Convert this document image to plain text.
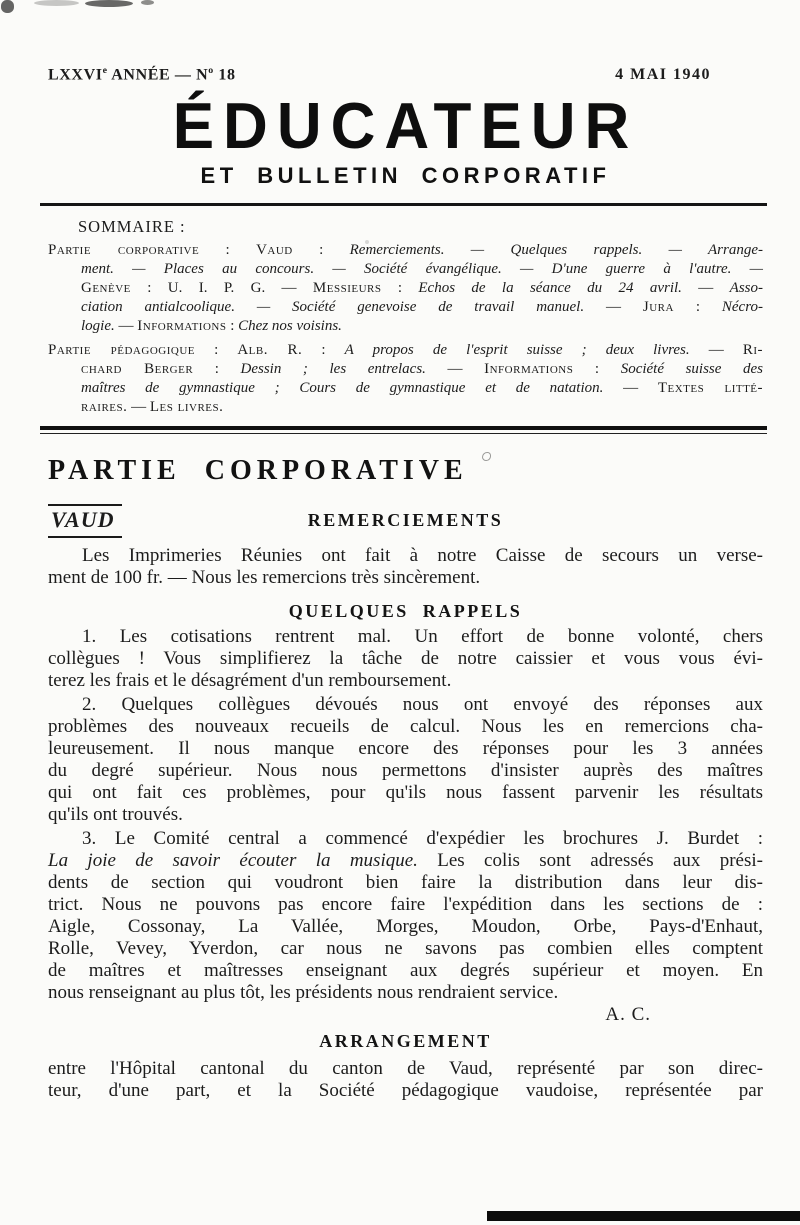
LXXVIe ANNÉE — $N^o$ 18	4 MAI 1940
ÉDUCATEUR
ET BULLETIN CORPORATIF
SOMMAIRE :
Partie corporative : Vaud : Remerciements. — Quelques rappels. — Arrange-
ment. — Places au concours. — Société évangélique. — D'une guerre à l'autre. —
Genève : U. I. P. G. — Messieurs : Echos de la séance du 24 avril. — Asso-
ciation antialcoolique. — Société genevoise de travail manuel. — Jura : Nécro-
logie. — Informations : Chez nos voisins.
Partie pédagogique : Alb. R. : A propos de l'esprit suisse ; deux livres. — Ri-
chard Berger : Dessin ; les entrelacs. — Informations : Société suisse des
maîtres de gymnastique ; Cours de gymnastique et de natation. — Textes litté-
raires. — Les livres.
PARTIE CORPORATIVE
VAUD	REMERCIEMENTS
Les Imprimeries Réunies ont fait à notre Caisse de secours un verse-
ment de 100 fr. — Nous les remercions très sincèrement.
QUELQUES RAPPELS
1. Les cotisations rentrent mal. Un effort de bonne volonté, chers
collègues ! Vous simplifierez la tâche de notre caissier et vous vous évi-
terez les frais et le désagrément d'un remboursement.
2. Quelques collègues dévoués nous ont envoyé des réponses aux
problèmes des nouveaux recueils de calcul. Nous les en remercions cha-
leureusement. Il nous manque encore des réponses pour les 3 années
du degré supérieur. Nous nous permettons d'insister auprès des maîtres
qui ont fait ces problèmes, pour qu'ils nous fassent parvenir les résultats
qu'ils ont trouvés.
3. Le Comité central a commencé d'expédier les brochures J. Burdet :
La joie de savoir écouter la musique. Les colis sont adressés aux prési-
dents de section qui voudront bien faire la distribution dans leur dis-
trict. Nous ne pouvons pas encore faire l'expédition dans les sections de :
Aigle, Cossonay, La Vallée, Morges, Moudon, Orbe, Pays-d'Enhaut,
Rolle, Vevey, Yverdon, car nous ne savons pas combien elles comptent
de maîtres et maîtresses enseignant aux degrés supérieur et moyen. En
nous renseignant au plus tôt, les présidents nous rendraient service.
A. C.
ARRANGEMENT
entre l'Hôpital cantonal du canton de Vaud, représenté par son direc-
teur, d'une part, et la Société pédagogique vaudoise, représentée par
